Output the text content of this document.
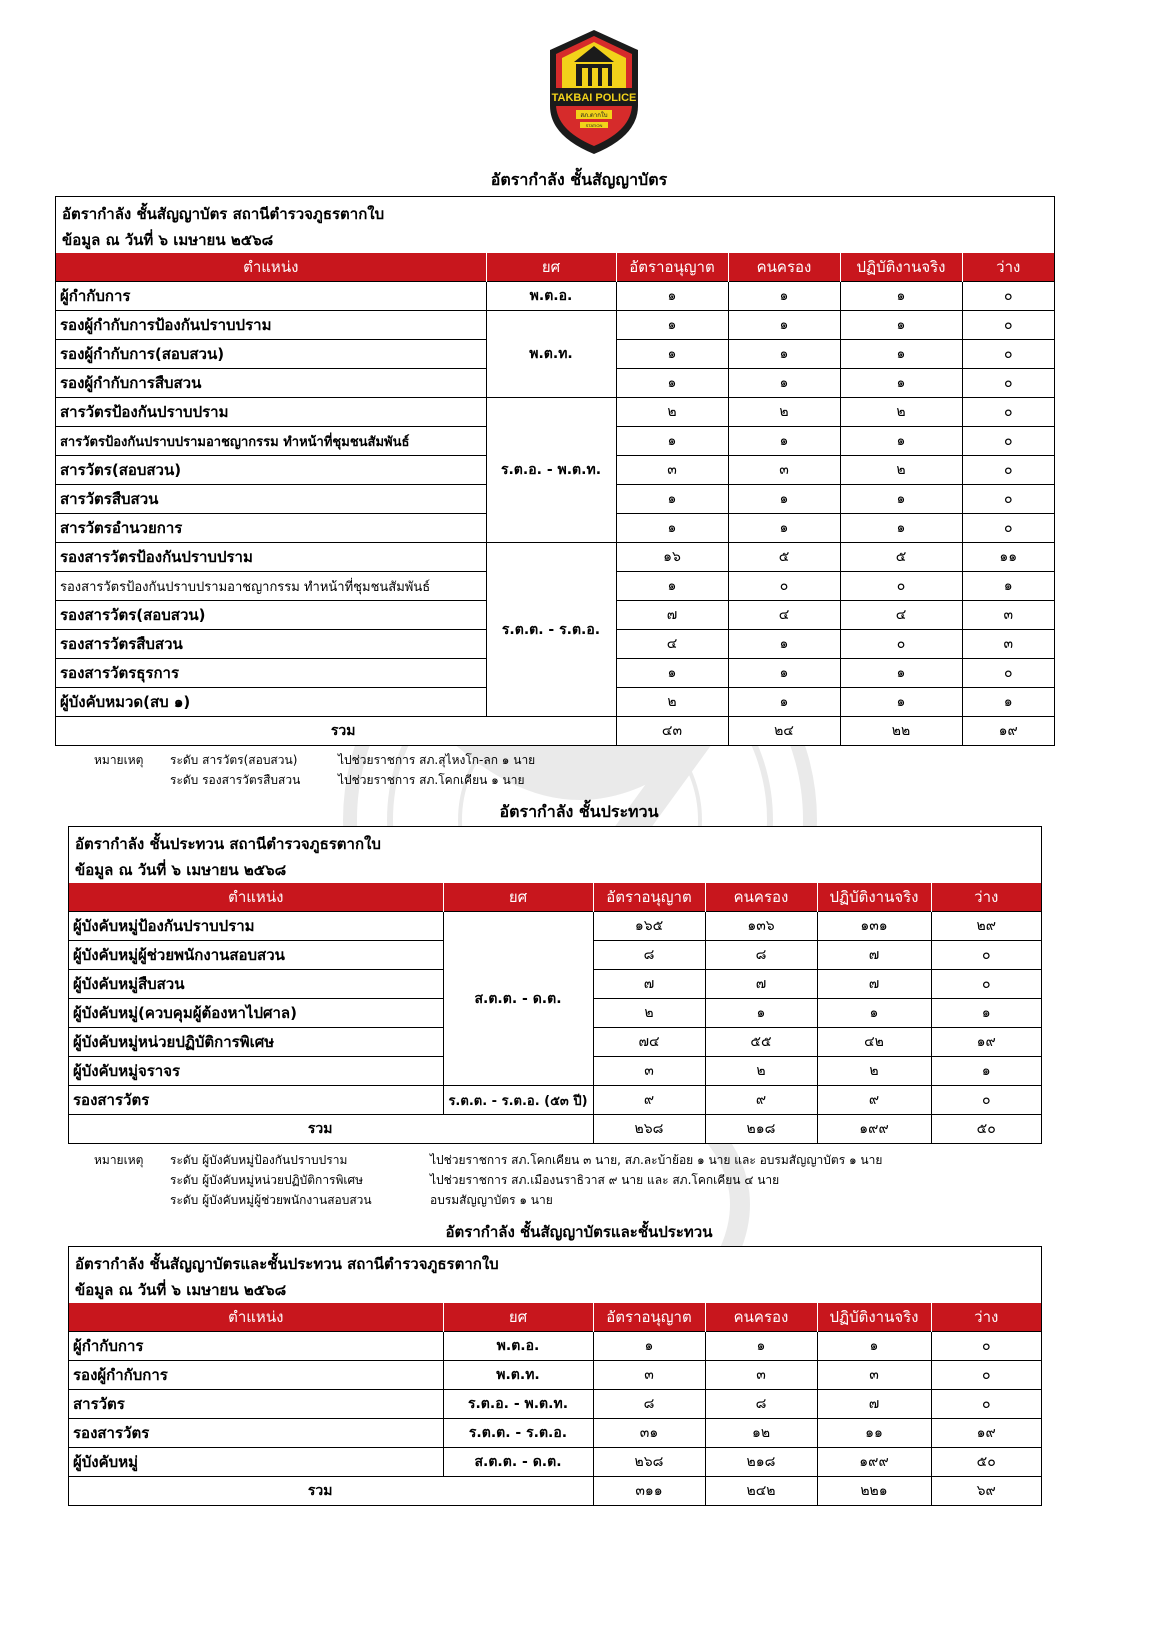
TAKBAI POLICE
สภ.ตากใบ
STATION
อัตรากำลัง ชั้นสัญญาบัตร
อัตรากำลัง ชั้นสัญญาบัตร สถานีตำรวจภูธรตากใบ
ข้อมูล ณ วันที่ ๖ เมษายน ๒๕๖๘
ตำแหน่ง	ยศ	อัตราอนุญาต	คนครอง	ปฏิบัติงานจริง	ว่าง
ผู้กำกับการ	พ.ต.อ.	๑	๑	๑	๐
รองผู้กำกับการป้องกันปราบปราม	พ.ต.ท.	๑	๑	๑	๐
รองผู้กำกับการ(สอบสวน)		๑	๑	๑	๐
รองผู้กำกับการสืบสวน		๑	๑	๑	๐
สารวัตรป้องกันปราบปราม	ร.ต.อ. - พ.ต.ท.	๒	๒	๒	๐
สารวัตรป้องกันปราบปรามอาชญากรรม ทำหน้าที่ชุมชนสัมพันธ์		๑	๑	๑	๐
สารวัตร(สอบสวน)		๓	๓	๒	๐
สารวัตรสืบสวน		๑	๑	๑	๐
สารวัตรอำนวยการ		๑	๑	๑	๐
รองสารวัตรป้องกันปราบปราม	ร.ต.ต. - ร.ต.อ.	๑๖	๕	๕	๑๑
รองสารวัตรป้องกันปราบปรามอาชญากรรม ทำหน้าที่ชุมชนสัมพันธ์		๑	๐	๐	๑
รองสารวัตร(สอบสวน)		๗	๔	๔	๓
รองสารวัตรสืบสวน		๔	๑	๐	๓
รองสารวัตรธุรการ		๑	๑	๑	๐
ผู้บังคับหมวด(สบ ๑)		๒	๑	๑	๑
รวม		๔๓	๒๔	๒๒	๑๙
หมายเหตุ ระดับ สารวัตร(สอบสวน)	ไปช่วยราชการ สภ.สุไหงโก-ลก ๑ นาย
ระดับ รองสารวัตรสืบสวน	ไปช่วยราชการ สภ.โคกเคียน ๑ นาย
อัตรากำลัง ชั้นประทวน
อัตรากำลัง ชั้นประทวน สถานีตำรวจภูธรตากใบ
ข้อมูล ณ วันที่ ๖ เมษายน ๒๕๖๘
ตำแหน่ง	ยศ	อัตราอนุญาต	คนครอง	ปฏิบัติงานจริง	ว่าง
ผู้บังคับหมู่ป้องกันปราบปราม	ส.ต.ต. - ด.ต.	๑๖๕	๑๓๖	๑๓๑	๒๙
ผู้บังคับหมู่ผู้ช่วยพนักงานสอบสวน		๘	๘	๗	๐
ผู้บังคับหมู่สืบสวน		๗	๗	๗	๐
ผู้บังคับหมู่(ควบคุมผู้ต้องหาไปศาล)		๒	๑	๑	๑
ผู้บังคับหมู่หน่วยปฏิบัติการพิเศษ		๗๔	๕๕	๔๒	๑๙
ผู้บังคับหมู่จราจร		๓	๒	๒	๑
รองสารวัตร	ร.ต.ต. - ร.ต.อ. (๕๓ ปี)	๙	๙	๙	๐
รวม		๒๖๘	๒๑๘	๑๙๙	๕๐
หมายเหตุ ระดับ ผู้บังคับหมู่ป้องกันปราบปราม	ไปช่วยราชการ สภ.โคกเคียน ๓ นาย, สภ.ละบ้าย้อย ๑ นาย และ อบรมสัญญาบัตร ๑ นาย
ระดับ ผู้บังคับหมู่หน่วยปฏิบัติการพิเศษ	ไปช่วยราชการ สภ.เมืองนราธิวาส ๙ นาย และ สภ.โคกเคียน ๔ นาย
ระดับ ผู้บังคับหมู่ผู้ช่วยพนักงานสอบสวน	อบรมสัญญาบัตร ๑ นาย
อัตรากำลัง ชั้นสัญญาบัตรและชั้นประทวน
อัตรากำลัง ชั้นสัญญาบัตรและชั้นประทวน สถานีตำรวจภูธรตากใบ
ข้อมูล ณ วันที่ ๖ เมษายน ๒๕๖๘
ตำแหน่ง	ยศ	อัตราอนุญาต	คนครอง	ปฏิบัติงานจริง	ว่าง
ผู้กำกับการ	พ.ต.อ.	๑	๑	๑	๐
รองผู้กำกับการ	พ.ต.ท.	๓	๓	๓	๐
สารวัตร	ร.ต.อ. - พ.ต.ท.	๘	๘	๗	๐
รองสารวัตร	ร.ต.ต. - ร.ต.อ.	๓๑	๑๒	๑๑	๑๙
ผู้บังคับหมู่	ส.ต.ต. - ด.ต.	๒๖๘	๒๑๘	๑๙๙	๕๐
รวม		๓๑๑	๒๔๒	๒๒๑	๖๙
